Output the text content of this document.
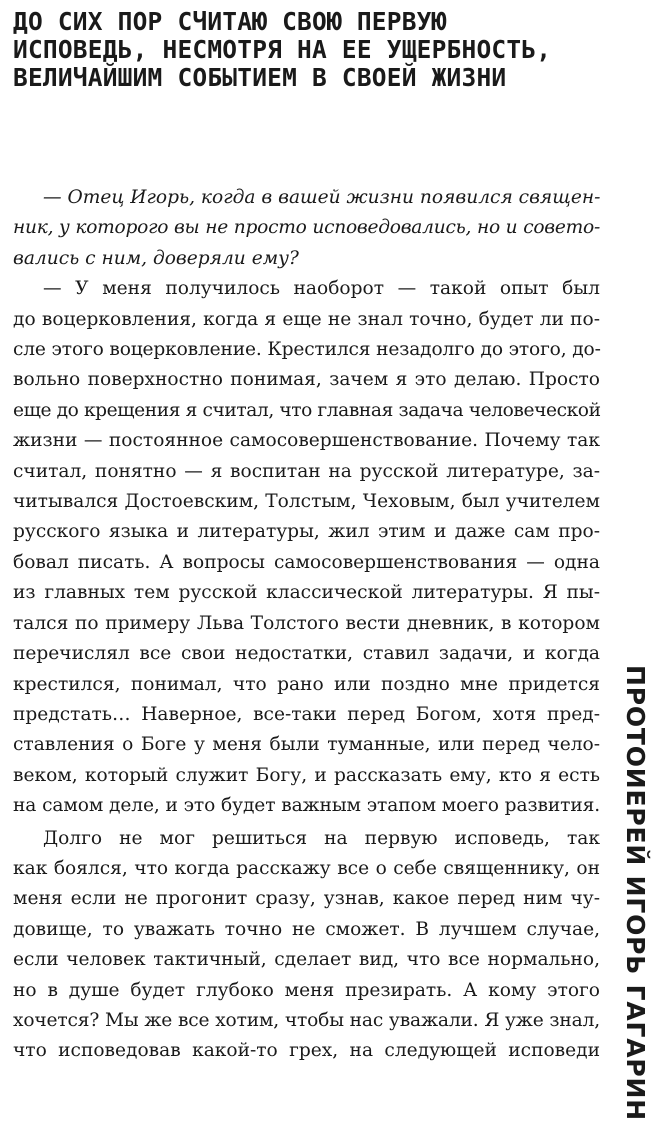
ДО СИХ ПОР СЧИТАЮ СВОЮ ПЕРВУЮ
ИСПОВЕДЬ, НЕСМОТРЯ НА ЕЕ УЩЕРБНОСТЬ,
ВЕЛИЧАЙШИМ СОБЫТИЕМ В СВОЕЙ ЖИЗНИ
— Отец Игорь, когда в вашей жизни появился священ-
ник, у которого вы не просто исповедовались, но и совето-
вались с ним, доверяли ему?
— У меня получилось наоборот — такой опыт был
до воцерковления, когда я еще не знал точно, будет ли по-
сле этого воцерковление. Крестился незадолго до этого, до-
вольно поверхностно понимая, зачем я это делаю. Просто
еще до крещения я считал, что главная задача человеческой
жизни — постоянное самосовершенствование. Почему так
считал, понятно — я воспитан на русской литературе, за-
читывался Достоевским, Толстым, Чеховым, был учителем
русского языка и литературы, жил этим и даже сам про-
бовал писать. А вопросы самосовершенствования — одна
из главных тем русской классической литературы. Я пы-
тался по примеру Льва Толстого вести дневник, в котором
перечислял все свои недостатки, ставил задачи, и когда
крестился, понимал, что рано или поздно мне придется
предстать… Наверное, все-таки перед Богом, хотя пред-
ставления о Боге у меня были туманные, или перед чело-
веком, который служит Богу, и рассказать ему, кто я есть
на самом деле, и это будет важным этапом моего развития.
Долго не мог решиться на первую исповедь, так
как боялся, что когда расскажу все о себе священнику, он
меня если не прогонит сразу, узнав, какое перед ним чу-
довище, то уважать точно не сможет. В лучшем случае,
если человек тактичный, сделает вид, что все нормально,
но в душе будет глубоко меня презирать. А кому этого
хочется? Мы же все хотим, чтобы нас уважали. Я уже знал,
что исповедовав какой-то грех, на следующей исповеди ПРОТОИЕРЕЙ ИГОРЬ ГАГАРИН
